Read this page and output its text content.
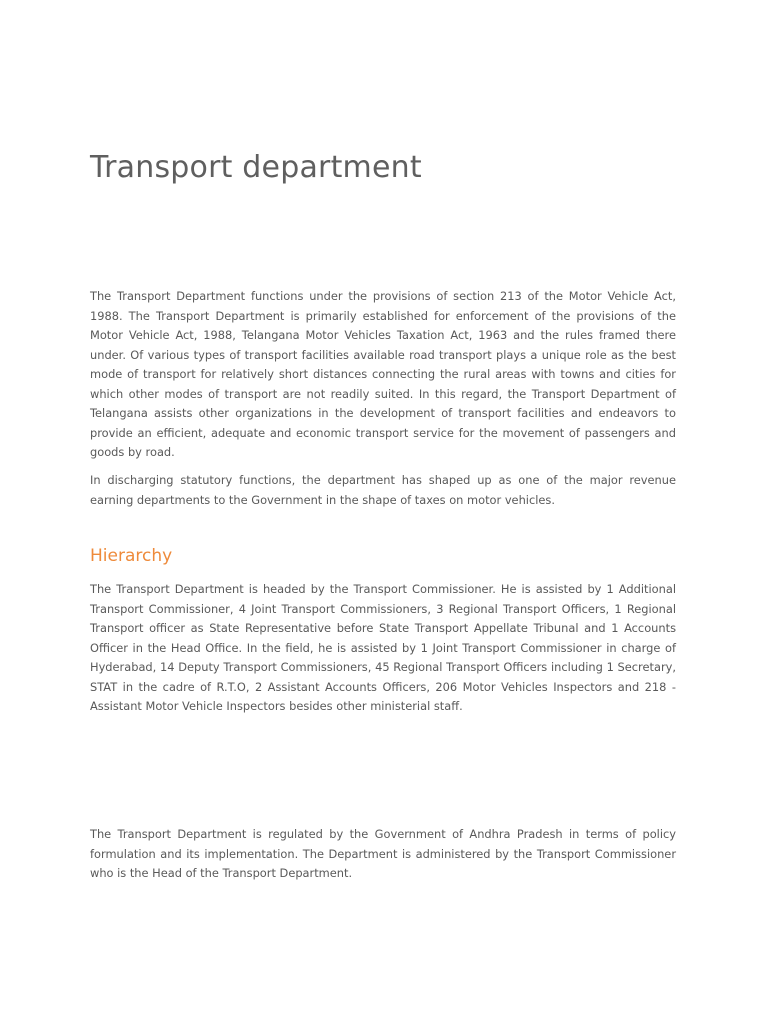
Transport department

The Transport Department functions under the provisions of section 213 of the Motor Vehicle Act, 1988. The Transport Department is primarily established for enforcement of the provisions of the Motor Vehicle Act, 1988, Telangana Motor Vehicles Taxation Act, 1963 and the rules framed there under. Of various types of transport facilities available road transport plays a unique role as the best mode of transport for relatively short distances connecting the rural areas with towns and cities for which other modes of transport are not readily suited. In this regard, the Transport Department of Telangana assists other organizations in the development of transport facilities and endeavors to provide an efficient, adequate and economic transport service for the movement of passengers and goods by road.

In discharging statutory functions, the department has shaped up as one of the major revenue earning departments to the Government in the shape of taxes on motor vehicles.

Hierarchy

The Transport Department is headed by the Transport Commissioner. He is assisted by 1 Additional Transport Commissioner, 4 Joint Transport Commissioners, 3 Regional Transport Officers, 1 Regional Transport officer as State Representative before State Transport Appellate Tribunal and 1 Accounts Officer in the Head Office. In the field, he is assisted by 1 Joint Transport Commissioner in charge of Hyderabad, 14 Deputy Transport Commissioners, 45 Regional Transport Officers including 1 Secretary, STAT in the cadre of R.T.O, 2 Assistant Accounts Officers, 206 Motor Vehicles Inspectors and 218 -Assistant Motor Vehicle Inspectors besides other ministerial staff.

The Transport Department is regulated by the Government of Andhra Pradesh in terms of policy formulation and its implementation. The Department is administered by the Transport Commissioner who is the Head of the Transport Department.
